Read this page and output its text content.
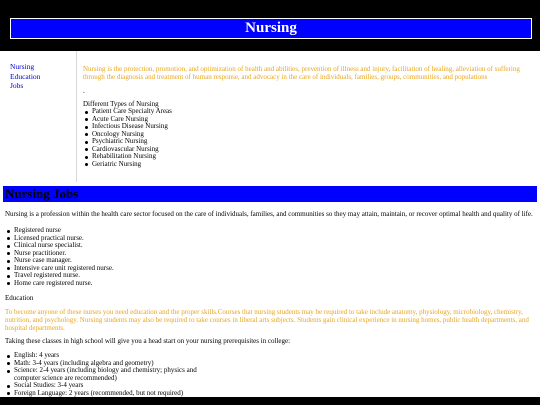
Nursing
Nursing
Education
Jobs
Nursing is the protection, promotion, and optimization of health and abilities, prevention of illness and injury, facilitation of healing, alleviation of suffering through the diagnosis and treatment of human response, and advocacy in the care of individuals, families, groups, communities, and populations
.
Different Types of Nursing
Patient Care Specialty Areas
Acute Care Nursing
Infectious Disease Nursing
Oncology Nursing
Psychiatric Nursing
Cardiovascular Nursing
Rehabilitation Nursing
Geriatric Nursing
Nursing Jobs
Nursing is a profession within the health care sector focused on the care of individuals, families, and communities so they may attain, maintain, or recover optimal health and quality of life.
Registered nurse
Licensed practical nurse.
Clinical nurse specialist.
Nurse practitioner.
Nurse case manager.
Intensive care unit registered nurse.
Travel registered nurse.
Home care registered nurse.
Education
To become anyone of these nurses you need education and the proper skills.Courses that nursing students may be required to take include anatomy, physiology, microbiology, chemistry, nutrition, and psychology. Nursing students may also be required to take courses in liberal arts subjects. Students gain clinical experience in nursing homes, public health departments, and hospital departments.
Taking these classes in high school will give you a head start on your nursing prerequisites in college:
English: 4 years
Math: 3-4 years (including algebra and geometry)
Science: 2-4 years (including biology and chemistry; physics and computer science are recommended)
Social Studies: 3-4 years
Foreign Language: 2 years (recommended, but not required)
